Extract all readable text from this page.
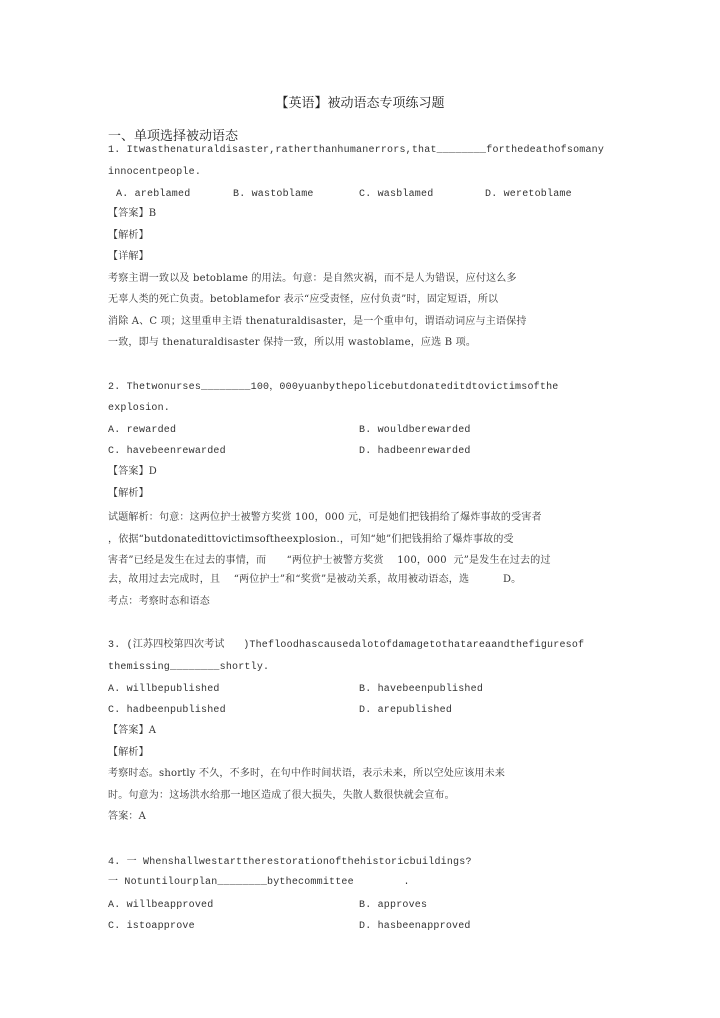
【英语】被动语态专项练习题
一、单项选择被动语态
1. Itwasthenaturaldisaster,ratherthanhumanerrors,that________forthedeathofsomany
innocentpeople.
A. areblamed	B. wastoblame	C. wasblamed	D. weretoblame
【答案】B
【解析】
【详解】
考察主谓一致以及 betoblame 的用法。句意：是自然灾祸，而不是人为错误，应付这么多
无辜人类的死亡负责。betoblamefor 表示“应受责怪，应付负责”时，固定短语，所以
消除 A、C 项；这里重申主语 thenaturaldisaster，是一个重申句，谓语动词应与主语保持
一致，即与 thenaturaldisaster 保持一致，所以用 wastoblame，应选 B 项。
2. Thetwonurses________100，000yuanbythepolicebutdonateditdtovictimsofthe
explosion.
A. rewarded	B. wouldberewarded
C. havebeenrewarded	D. hadbeenrewarded
【答案】D
【解析】
试题解析：句意：这两位护士被警方奖赏 100，000 元，可是她们把钱捐给了爆炸事故的受害者
，依据“butdonatedittovictimsoftheexplosion.，可知“她”们把钱捐给了爆炸事故的受
害者”已经是发生在过去的事情，而      “两位护士被警方奖赏    100，000  元”是发生在过去的过
去，故用过去完成时，且    “两位护士”和“奖赏”是被动关系，故用被动语态，选          D。
考点：考察时态和语态
3. (江苏四校第四次考试   )Thefloodhascausedalotofdamagetothatareaandthefiguresof
themissing________shortly.
A. willbepublished	B. havebeenpublished
C. hadbeenpublished	D. arepublished
【答案】A
【解析】
考察时态。shortly 不久，不多时，在句中作时间状语，表示未来，所以空处应该用未来
时。句意为：这场洪水给那一地区造成了很大损失，失散人数很快就会宣布。
答案：A
4. 一 Whenshallwestarttherestorationofthehistoricbuildings?
一 Notuntilourplan________bythecommittee        .
A. willbeapproved	B. approves
C. istoapprove	D. hasbeenapproved
